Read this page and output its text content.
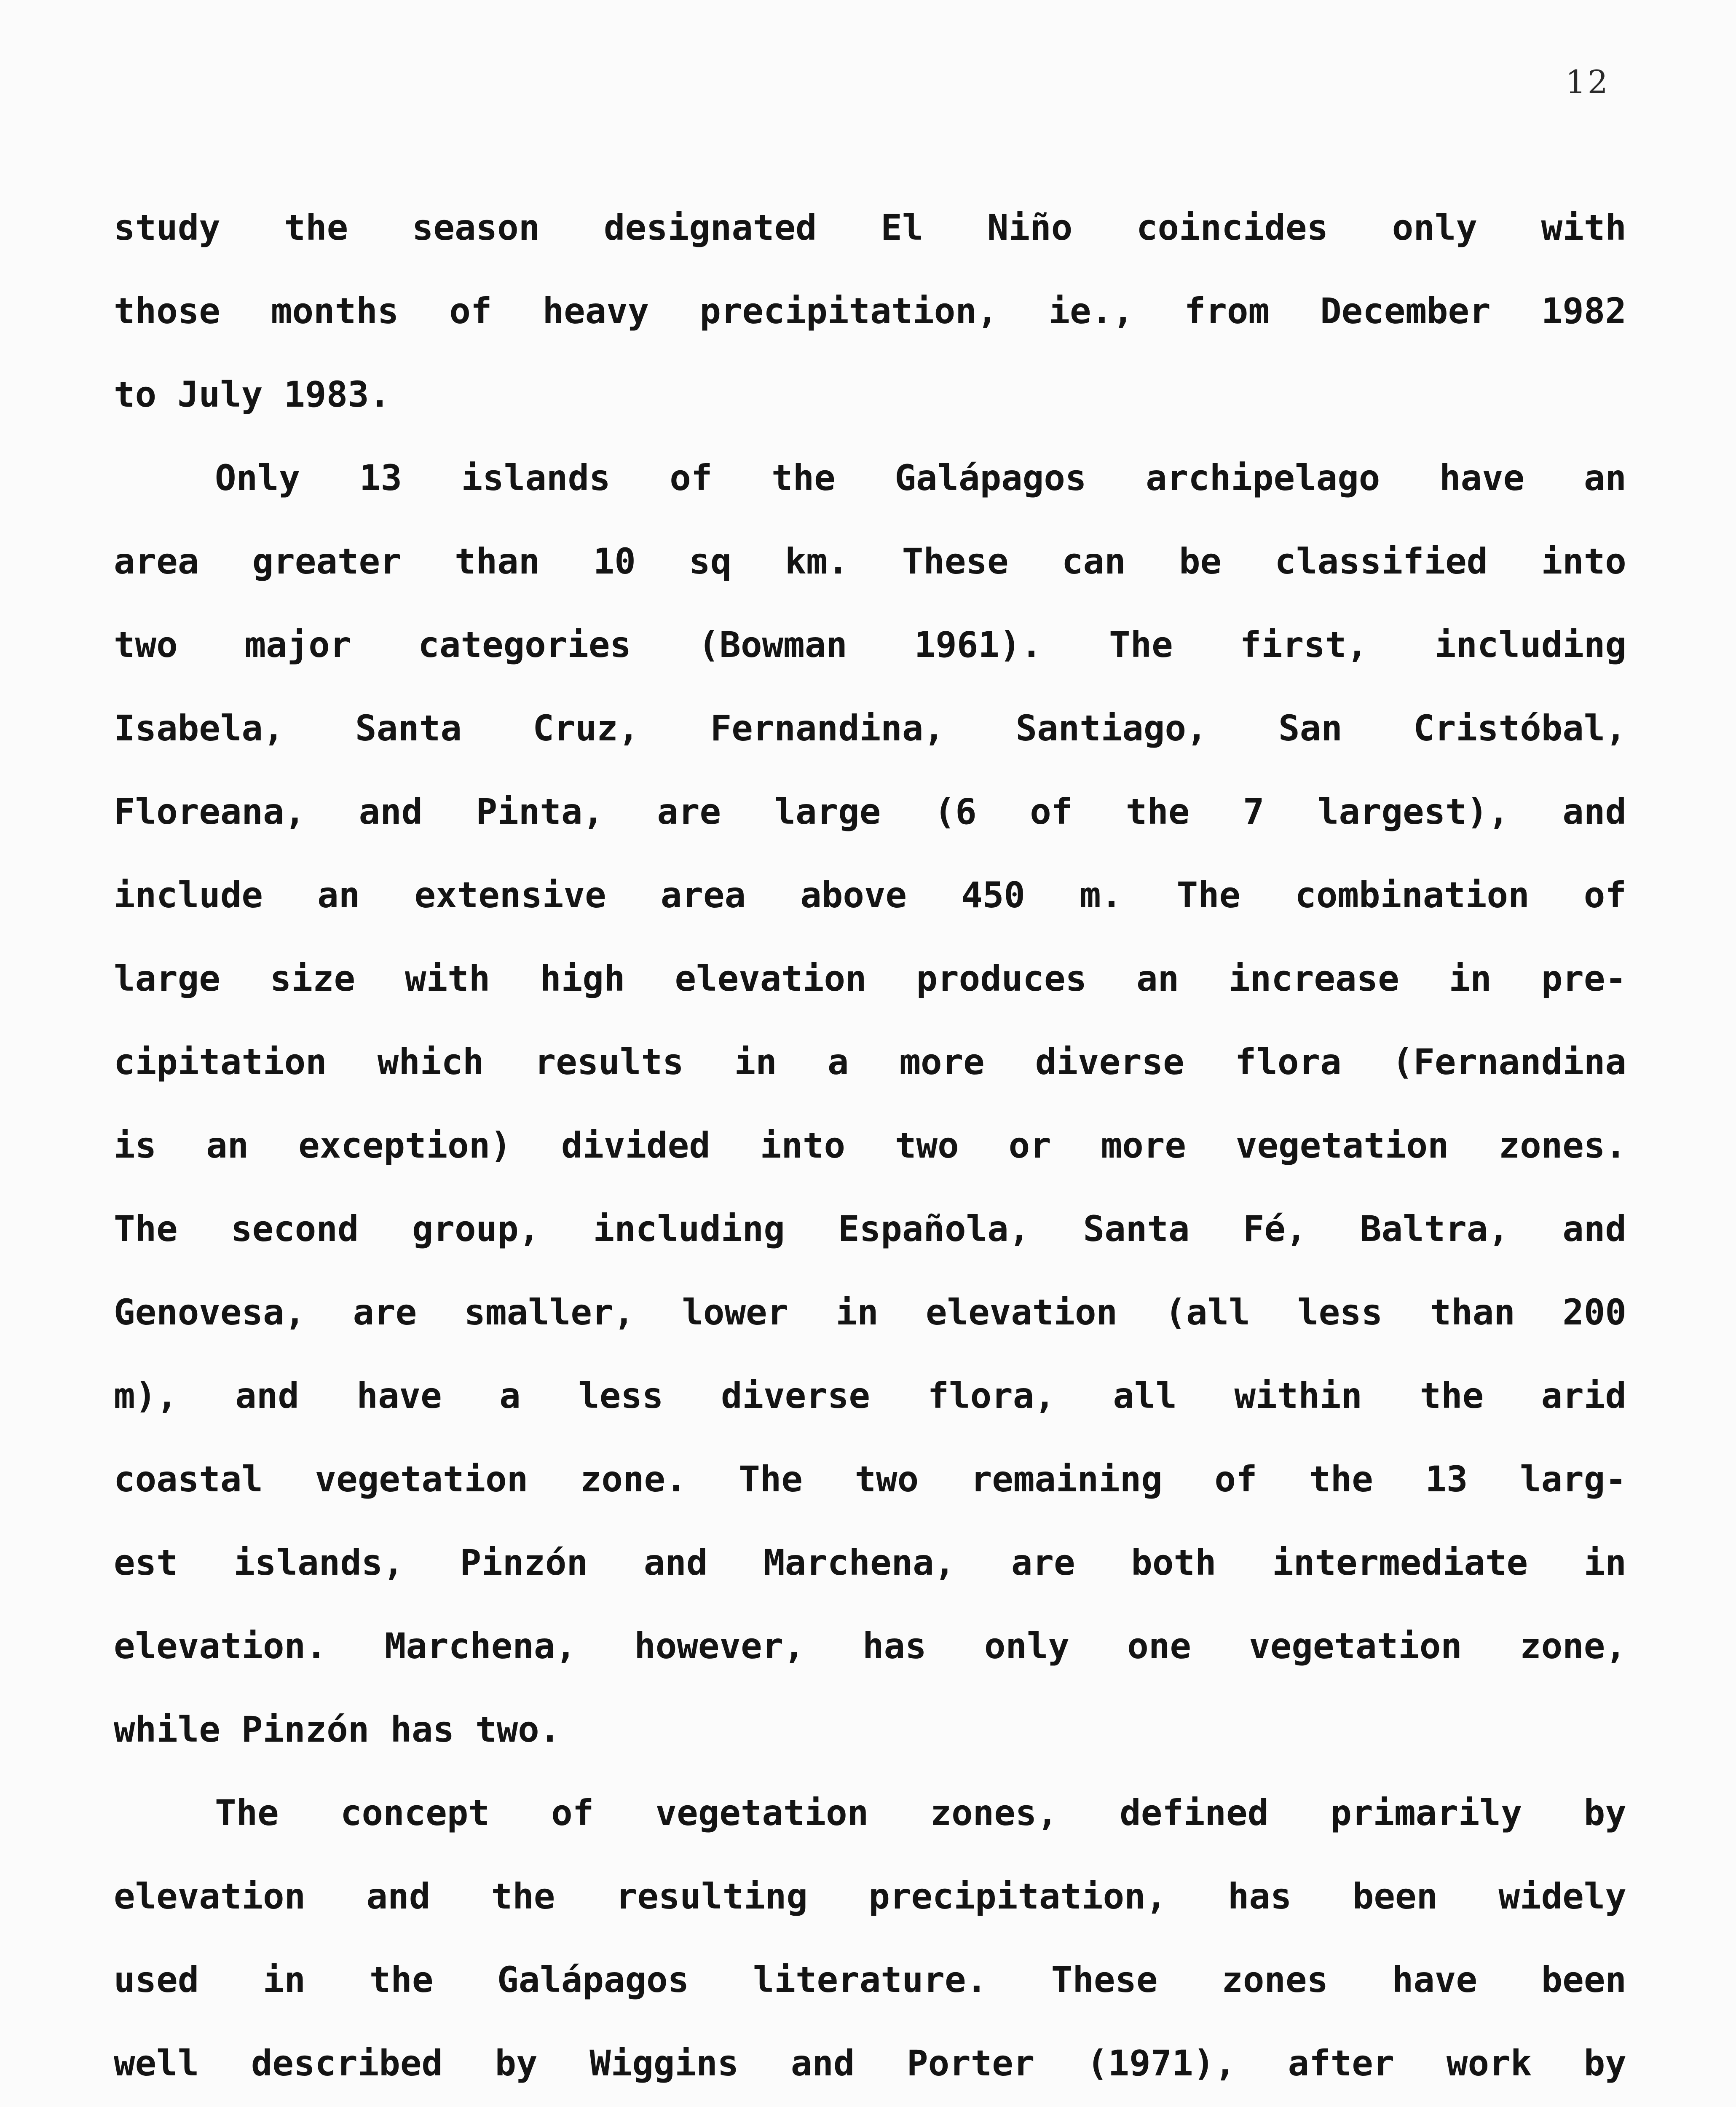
12
study the season designated El Niño coincides only with
those months of heavy precipitation, ie., from December 1982
to July 1983.
Only 13 islands of the Galápagos archipelago have an
area greater than 10 sq km. These can be classified into
two major categories (Bowman 1961). The first, including
Isabela, Santa Cruz, Fernandina, Santiago, San Cristóbal,
Floreana, and Pinta, are large (6 of the 7 largest), and
include an extensive area above 450 m. The combination of
large size with high elevation produces an increase in pre-
cipitation which results in a more diverse flora (Fernandina
is an exception) divided into two or more vegetation zones.
The second group, including Española, Santa Fé, Baltra, and
Genovesa, are smaller, lower in elevation (all less than 200
m), and have a less diverse flora, all within the arid
coastal vegetation zone. The two remaining of the 13 larg-
est islands, Pinzón and Marchena, are both intermediate in
elevation. Marchena, however, has only one vegetation zone,
while Pinzón has two.
The concept of vegetation zones, defined primarily by
elevation and the resulting precipitation, has been widely
used in the Galápagos literature. These zones have been
well described by Wiggins and Porter (1971), after work by
